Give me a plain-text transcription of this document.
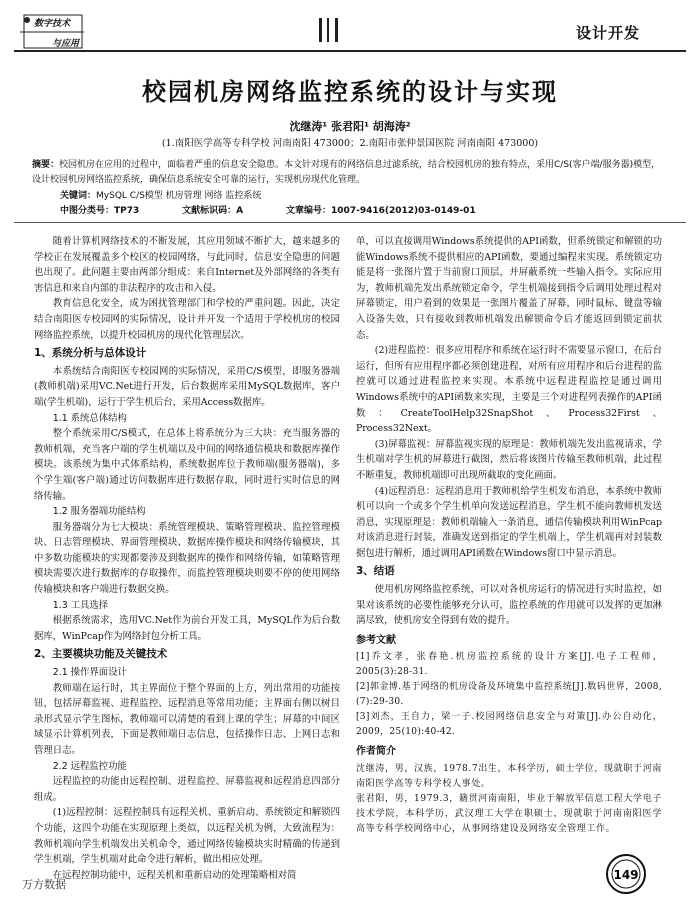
数字技术
与应用
设计开发
校园机房网络监控系统的设计与实现
沈继涛¹ 张君阳¹ 胡海涛²
(1.南阳医学高等专科学校 河南南阳 473000；2.南阳市张仲景国医院 河南南阳 473000)
摘要：校园机房在应用的过程中，面临着严重的信息安全隐患。本文针对现有的网络信息过滤系统，结合校园机房的独有特点，采用C/S(客户端/服务器)模型，设计校园机房网络监控系统，确保信息系统安全可靠的运行，实现机房现代化管理。
关键词：MySQL C/S模型 机房管理 网络 监控系统
中图分类号：TP73	文献标识码：A	文章编号：1007-9416(2012)03-0149-01

随着计算机网络技术的不断发展，其应用领域不断扩大，越来越多的学校正在发展覆盖多个校区的校园网络，与此同时，信息安全隐患的问题也出现了。此问题主要由两部分组成：来自Internet及外部网络的各类有害信息和来自内部的非法程序的攻击和入侵。

教育信息化安全，成为困扰管理部门和学校的严重问题。因此，决定结合南阳医专校园网的实际情况，设计并开发一个适用于学校机房的校园网络监控系统，以提升校园机房的现代化管理层次。

1、系统分析与总体设计

本系统结合南阳医专校园网的实际情况，采用C/S模型，即服务器端(教师机端)采用VC.Net进行开发，后台数据库采用MySQL数据库，客户端(学生机端)，运行于学生机后台，采用Access数据库。

1.1 系统总体结构

整个系统采用C/S模式，在总体上将系统分为三大块：充当服务器的教师机端，充当客户端的学生机端以及中间的网络通信模块和数据库操作模块。该系统为集中式体系结构，系统数据库位于教师端(服务器端)，多个学生端(客户端)通过访问数据库进行数据存取，同时进行实时信息的网络传输。

1.2 服务器端功能结构

服务器端分为七大模块：系统管理模块、策略管理模块、监控管理模块、日志管理模块、界面管理模块、数据库操作模块和网络传输模块，其中多数功能模块的实现都要涉及到数据库的操作和网络传输，如策略管理模块需要次进行数据库的存取操作，而监控管理模块则要不停的使用网络传输模块和客户端进行数据交换。

1.3 工具选择

根据系统需求，选用VC.Net作为前台开发工具，MySQL作为后台数据库，WinPcap作为网络封包分析工具。

2、主要模块功能及关键技术

2.1 操作界面设计

教师端在运行时，其主界面位于整个界面的上方，列出常用的功能按钮，包括屏幕监视、进程监控、远程消息等常用功能；主界面右侧以树目录形式显示学生图标，教师端可以清楚的看到上课的学生；屏幕的中间区域显示计算机列表，下面是教师端日志信息，包括操作日志、上网日志和管理日志。

2.2 远程监控功能

远程监控的功能由远程控制、进程监控、屏幕监视和远程消息四部分组成。

(1)远程控制：远程控制具有远程关机、重新启动、系统锁定和解锁四个功能，这四个功能在实现原理上类似，以远程关机为例，大致流程为：教师机端向学生机端发出关机命令，通过网络传输模块实时精确的传递到学生机端，学生机端对此命令进行解析，做出相应处理。

在远程控制功能中，远程关机和重新启动的处理策略相对简

单，可以直接调用Windows系统提供的API函数，但系统锁定和解锁的功能Windows系统不提供相应的API函数，要通过编程来实现。系统锁定功能是将一张图片置于当前窗口顶层，并屏蔽系统一些输入指令。实际应用为，教师机端先发出系统锁定命令，学生机端接到指令后调用处理过程对屏幕锁定，用户看到的效果是一张图片覆盖了屏幕，同时鼠标、键盘等输入设备失效，只有接收到教师机端发出解锁命令后才能返回到锁定前状态。

(2)进程监控：很多应用程序和系统在运行时不需要显示窗口，在后台运行，但所有应用程序都必须创建进程，对所有应用程序和后台进程的监控就可以通过进程监控来实现。本系统中远程进程监控是通过调用Windows系统中的API函数来实现，主要是三个对进程列表操作的API函数：CreateToolHelp32SnapShot、Process32First、Process32Next。

(3)屏幕监视：屏幕监视实现的原理是：教师机端先发出监视请求，学生机端对学生机的屏幕进行截图，然后将该图片传输至教师机端，此过程不断重复，教师机端即可出现所截取的变化画面。

(4)远程消息：远程消息用于教师机给学生机发布消息，本系统中教师机可以向一个或多个学生机单向发送远程消息，学生机不能向教师机发送消息，实现原理是：教师机端输入一条消息，通信传输模块利用WinPcap对该消息进行封装，准确发送到指定的学生机端上，学生机端再对封装数据包进行解析，通过调用API函数在Windows窗口中显示消息。

3、结语

使用机房网络监控系统，可以对各机房运行的情况进行实时监控，如果对该系统的必要性能够充分认可，监控系统的作用就可以发挥的更加淋漓尽致，使机房安全得到有效的提升。

参考文献

[1]乔文孝，张春艳.机房监控系统的设计方案[J].电子工程师，2005(3):28-31.

[2]郭金博.基于网络的机房设备及环境集中监控系统[J].数码世界，2008,(7):29-30.

[3]刘杰，王自力，梁一子.校园网络信息安全与对策[J].办公自动化，2009，25(10):40-42.

作者简介

沈继涛，男，汉族，1978.7出生，本科学历，硕士学位，现就职于河南南阳医学高等专科学校人事处。

张君阳，男，1979.3，籍贯河南南阳，毕业于解放军信息工程大学电子技术学院，本科学历，武汉理工大学在职硕士，现就职于河南南阳医学高等专科学校网络中心，从事网络建设及网络安全管理工作。

万方数据
149
